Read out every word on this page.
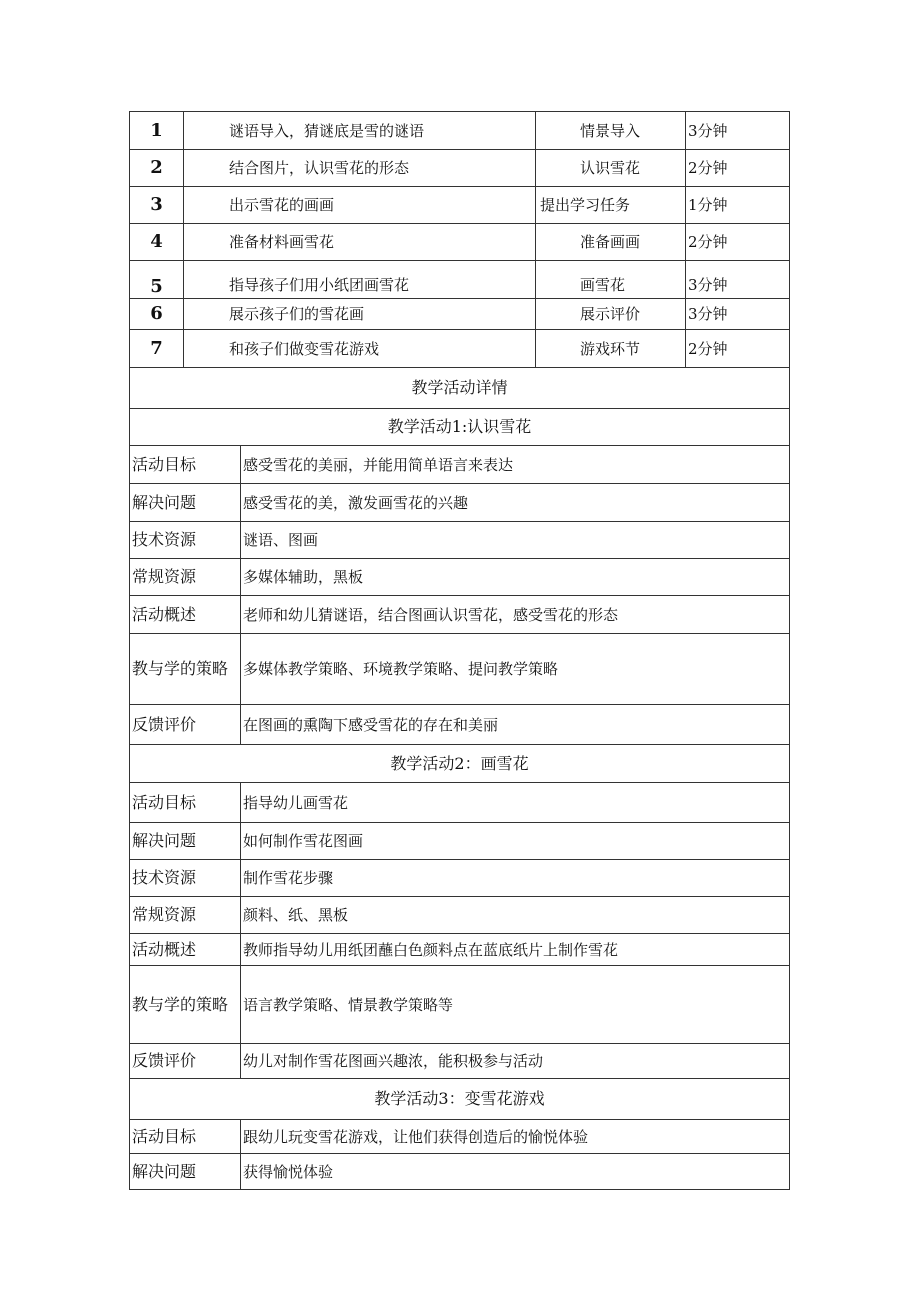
1	谜语导入，猜谜底是雪的谜语	情景导入	3分钟
2	结合图片，认识雪花的形态	认识雪花	2分钟
3	出示雪花的画画	提出学习任务	1分钟
4	准备材料画雪花	准备画画	2分钟
5	指导孩子们用小纸团画雪花	画雪花	3分钟
6	展示孩子们的雪花画	展示评价	3分钟
7	和孩子们做变雪花游戏	游戏环节	2分钟
教学活动详情	
教学活动1:认识雪花	
活动目标	感受雪花的美丽，并能用简单语言来表达
解决问题	感受雪花的美，激发画雪花的兴趣
技术资源	谜语、图画
常规资源	多媒体辅助，黑板
活动概述	老师和幼儿猜谜语，结合图画认识雪花，感受雪花的形态
教与学的策略	多媒体教学策略、环境教学策略、提问教学策略
反馈评价	在图画的熏陶下感受雪花的存在和美丽
教学活动2：画雪花	
活动目标	指导幼儿画雪花
解决问题	如何制作雪花图画
技术资源	制作雪花步骤
常规资源	颜料、纸、黑板
活动概述	教师指导幼儿用纸团蘸白色颜料点在蓝底纸片上制作雪花
教与学的策略	语言教学策略、情景教学策略等
反馈评价	幼儿对制作雪花图画兴趣浓，能积极参与活动
教学活动3：变雪花游戏	
活动目标	跟幼儿玩变雪花游戏，让他们获得创造后的愉悦体验
解决问题	获得愉悦体验
